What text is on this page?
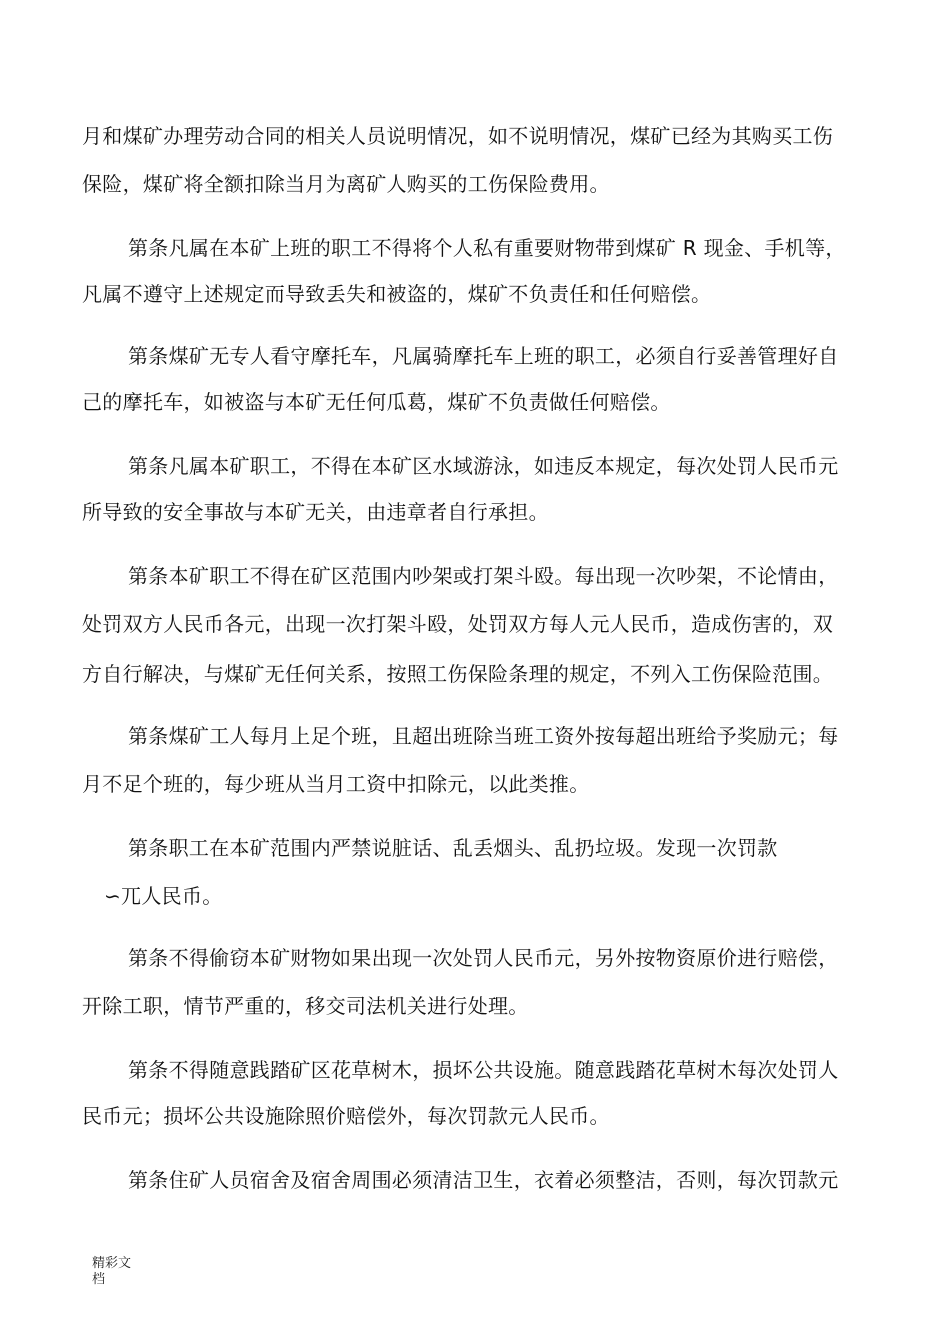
月和煤矿办理劳动合同的相关人员说明情况，如不说明情况，煤矿已经为其购买工伤
保险，煤矿将全额扣除当月为离矿人购买的工伤保险费用。
第条凡属在本矿上班的职工不得将个人私有重要财物带到煤矿 R 现金、手机等，
凡属不遵守上述规定而导致丢失和被盗的，煤矿不负责任和任何赔偿。
第条煤矿无专人看守摩托车，凡属骑摩托车上班的职工，必须自行妥善管理好自
己的摩托车，如被盗与本矿无任何瓜葛，煤矿不负责做任何赔偿。
第条凡属本矿职工，不得在本矿区水域游泳，如违反本规定，每次处罚人民币元
所导致的安全事故与本矿无关，由违章者自行承担。
第条本矿职工不得在矿区范围内吵架或打架斗殴。每出现一次吵架，不论情由，
处罚双方人民币各元，出现一次打架斗殴，处罚双方每人元人民币，造成伤害的，双
方自行解决，与煤矿无任何关系，按照工伤保险条理的规定，不列入工伤保险范围。
第条煤矿工人每月上足个班，且超出班除当班工资外按每超出班给予奖励元；每
月不足个班的，每少班从当月工资中扣除元，以此类推。
第条职工在本矿范围内严禁说脏话、乱丢烟头、乱扔垃圾。发现一次罚款
∽兀人民币。
第条不得偷窃本矿财物如果出现一次处罚人民币元，另外按物资原价进行赔偿，
开除工职，情节严重的，移交司法机关进行处理。
第条不得随意践踏矿区花草树木，损坏公共设施。随意践踏花草树木每次处罚人
民币元；损坏公共设施除照价赔偿外，每次罚款元人民币。
第条住矿人员宿舍及宿舍周围必须清洁卫生，衣着必须整洁，否则，每次罚款元
精彩文
档
